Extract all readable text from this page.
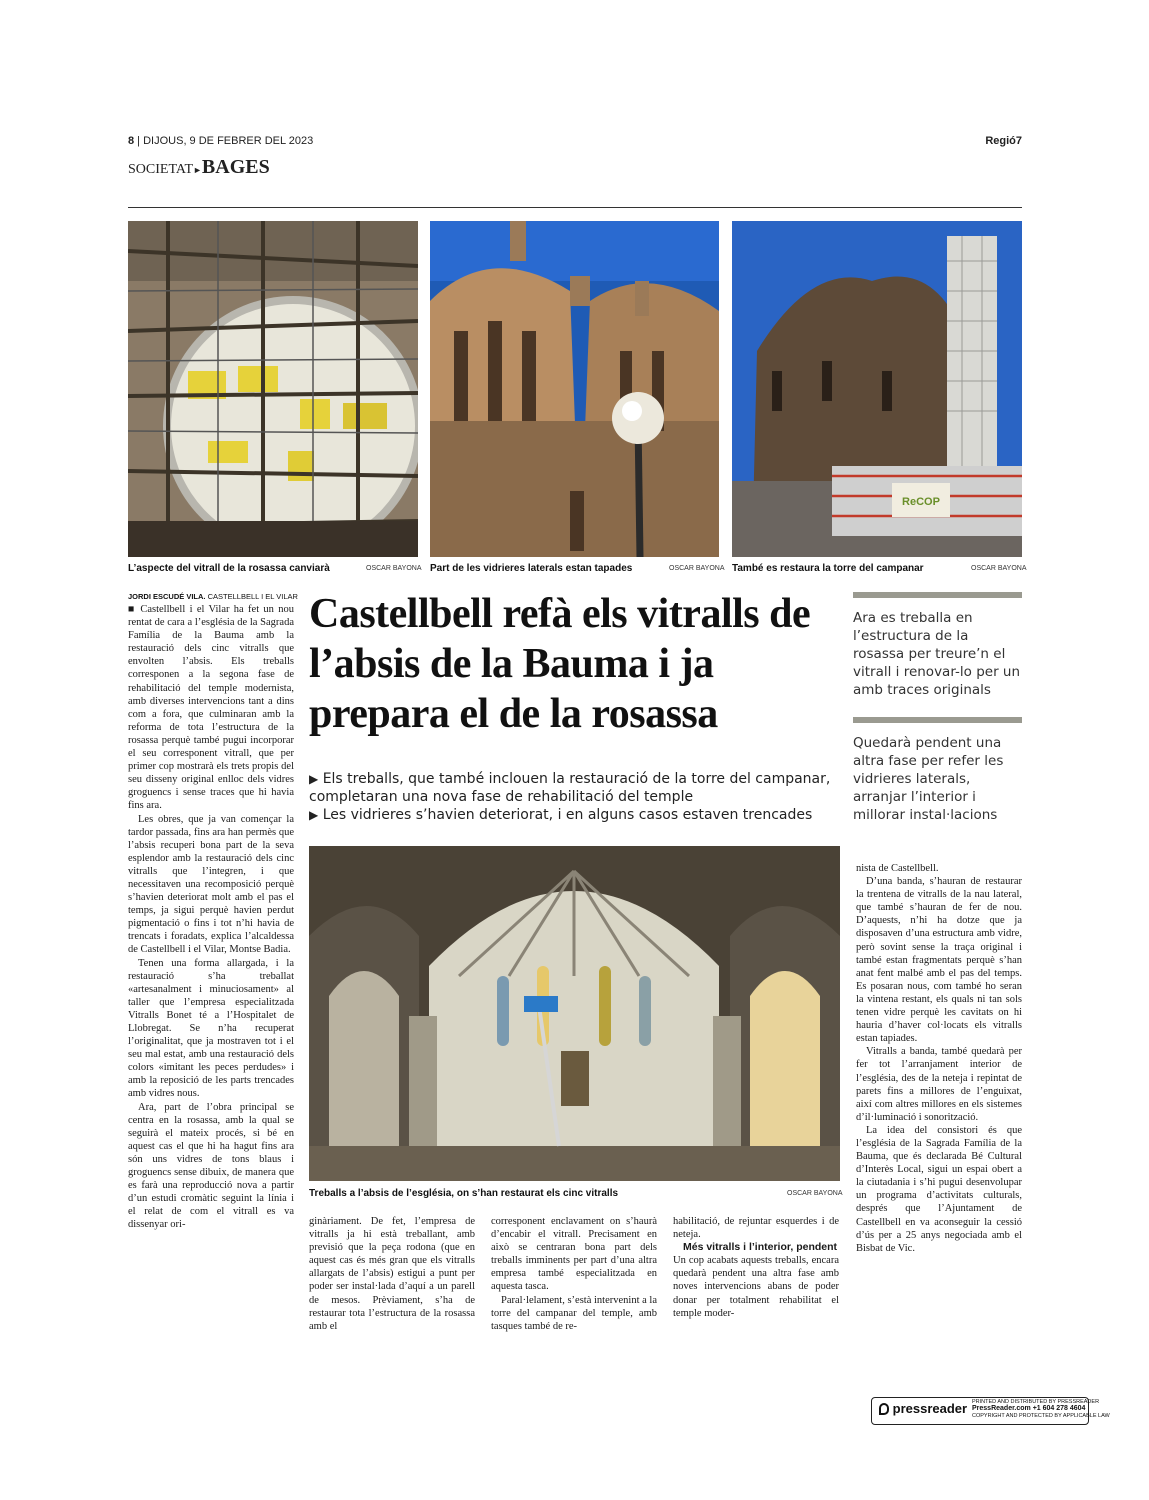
8 | DIJOUS, 9 DE FEBRER DEL 2023	Regió7
SOCIETAT►BAGES
L’aspecte del vitrall de la rosassa canviarà	OSCAR BAYONA Part de les vidrieres laterals estan tapades	OSCAR BAYONA
ReCOP
També es restaura la torre del campanar	OSCAR BAYONA
JORDI ESCUDÉ VILA. CASTELLBELL I EL VILAR

■ Castellbell i el Vilar ha fet un nou rentat de cara a l’església de la Sagrada Família de la Bauma amb la restauració dels cinc vitralls que envolten l’absis. Els treballs corresponen a la segona fase de rehabilitació del temple modernista, amb diverses intervencions tant a dins com a fora, que culminaran amb la reforma de tota l’estructura de la rosassa perquè també pugui incorporar el seu corresponent vitrall, que per primer cop mostrarà els trets propis del seu disseny original enlloc dels vidres groguencs i sense traces que hi havia fins ara.

Les obres, que ja van començar la tardor passada, fins ara han permès que l’absis recuperi bona part de la seva esplendor amb la restauració dels cinc vitralls que l’integren, i que necessitaven una recomposició perquè s’havien deteriorat molt amb el pas el temps, ja sigui perquè havien perdut pigmentació o fins i tot n’hi havia de trencats i foradats, explica l’alcaldessa de Castellbell i el Vilar, Montse Badia.

Tenen una forma allargada, i la restauració s’ha treballat «artesanalment i minuciosament» al taller que l’empresa especialitzada Vitralls Bonet té a l’Hospitalet de Llobregat. Se n’ha recuperat l’originalitat, que ja mostraven tot i el seu mal estat, amb una restauració dels colors «imitant les peces perdudes» i amb la reposició de les parts trencades amb vidres nous.

Ara, part de l’obra principal se centra en la rosassa, amb la qual se seguirà el mateix procés, si bé en aquest cas el que hi ha hagut fins ara són uns vidres de tons blaus i groguencs sense dibuix, de manera que es farà una reproducció nova a partir d’un estudi cromàtic seguint la línia i el relat de com el vitrall es va dissenyar ori-

Castellbell refà els vitralls de l’absis de la Bauma i ja prepara el de la rosassa
▶ Els treballs, que també inclouen la restauració de la torre del campanar, completaran una nova fase de rehabilitació del temple
▶ Les vidrieres s’havien deteriorat, i en alguns casos estaven trencades
Ara es treballa en l’estructura de la rosassa per treure’n el vitrall i renovar-lo per un amb traces originals
Quedarà pendent una altra fase per refer les vidrieres laterals, arranjar l’interior i millorar instal·lacions
Treballs a l’absis de l’església, on s’han restaurat els cinc vitralls	OSCAR BAYONA

ginàriament. De fet, l’empresa de vitralls ja hi està treballant, amb previsió que la peça rodona (que en aquest cas és més gran que els vitralls allargats de l’absis) estigui a punt per poder ser instal·lada d’aquí a un parell de mesos. Prèviament, s’ha de restaurar tota l’estructura de la rosassa amb el

corresponent enclavament on s’haurà d’encabir el vitrall. Precisament en això se centraran bona part dels treballs imminents per part d’una altra empresa també especialitzada en aquesta tasca.

Paral·lelament, s’està intervenint a la torre del campanar del temple, amb tasques també de re-

habilitació, de rejuntar esquerdes i de neteja.

Més vitralls i l’interior, pendent

Un cop acabats aquests treballs, encara quedarà pendent una altra fase amb noves intervencions abans de poder donar per totalment rehabilitat el temple moder-

nista de Castellbell.

D’una banda, s’hauran de restaurar la trentena de vitralls de la nau lateral, que també s’hauran de fer de nou. D’aquests, n’hi ha dotze que ja disposaven d’una estructura amb vidre, però sovint sense la traça original i també estan fragmentats perquè s’han anat fent malbé amb el pas del temps. Es posaran nous, com també ho seran la vintena restant, els quals ni tan sols tenen vidre perquè les cavitats on hi hauria d’haver col·locats els vitralls estan tapiades.

Vitralls a banda, també quedarà per fer tot l’arranjament interior de l’església, des de la neteja i repintat de parets fins a millores de l’enguixat, així com altres millores en els sistemes d’il·luminació i sonorització.

La idea del consistori és que l’església de la Sagrada Família de la Bauma, que és declarada Bé Cultural d’Interès Local, sigui un espai obert a la ciutadania i s’hi pugui desenvolupar un programa d’activitats culturals, després que l’Ajuntament de Castellbell en va aconseguir la cessió d’ús per a 25 anys negociada amb el Bisbat de Vic.

pressreader PRINTED AND DISTRIBUTED BY PRESSREADER
PressReader.com +1 604 278 4604
COPYRIGHT AND PROTECTED BY APPLICABLE LAW
